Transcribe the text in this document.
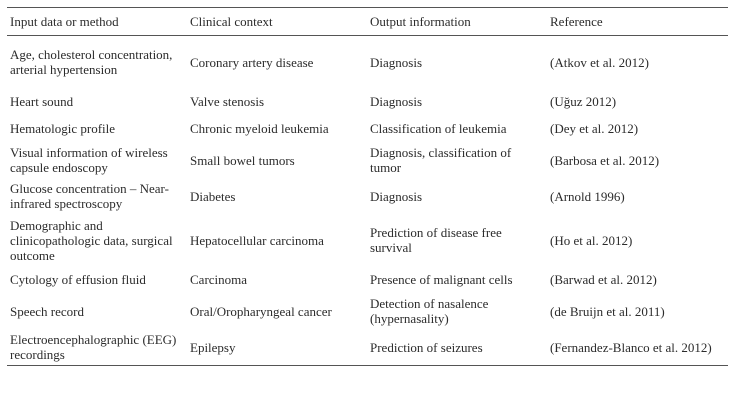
Input data or method	Clinical context	Output information	Reference
Age, cholesterol concentration, arterial hypertension	Coronary artery disease	Diagnosis	(Atkov et al. 2012)
Heart sound	Valve stenosis	Diagnosis	(Uğuz 2012)
Hematologic profile	Chronic myeloid leukemia	Classification of leukemia	(Dey et al. 2012)
Visual information of wireless capsule endoscopy	Small bowel tumors	Diagnosis, classification of tumor	(Barbosa et al. 2012)
Glucose concentration – Near-infrared spectroscopy	Diabetes	Diagnosis	(Arnold 1996)
Demographic and clinicopathologic data, surgical outcome	Hepatocellular carcinoma	Prediction of disease free survival	(Ho et al. 2012)
Cytology of effusion fluid	Carcinoma	Presence of malignant cells	(Barwad et al. 2012)
Speech record	Oral/Oropharyngeal cancer	Detection of nasalence (hypernasality)	(de Bruijn et al. 2011)
Electroencephalographic (EEG) recordings	Epilepsy	Prediction of seizures	(Fernandez-Blanco et al. 2012)
